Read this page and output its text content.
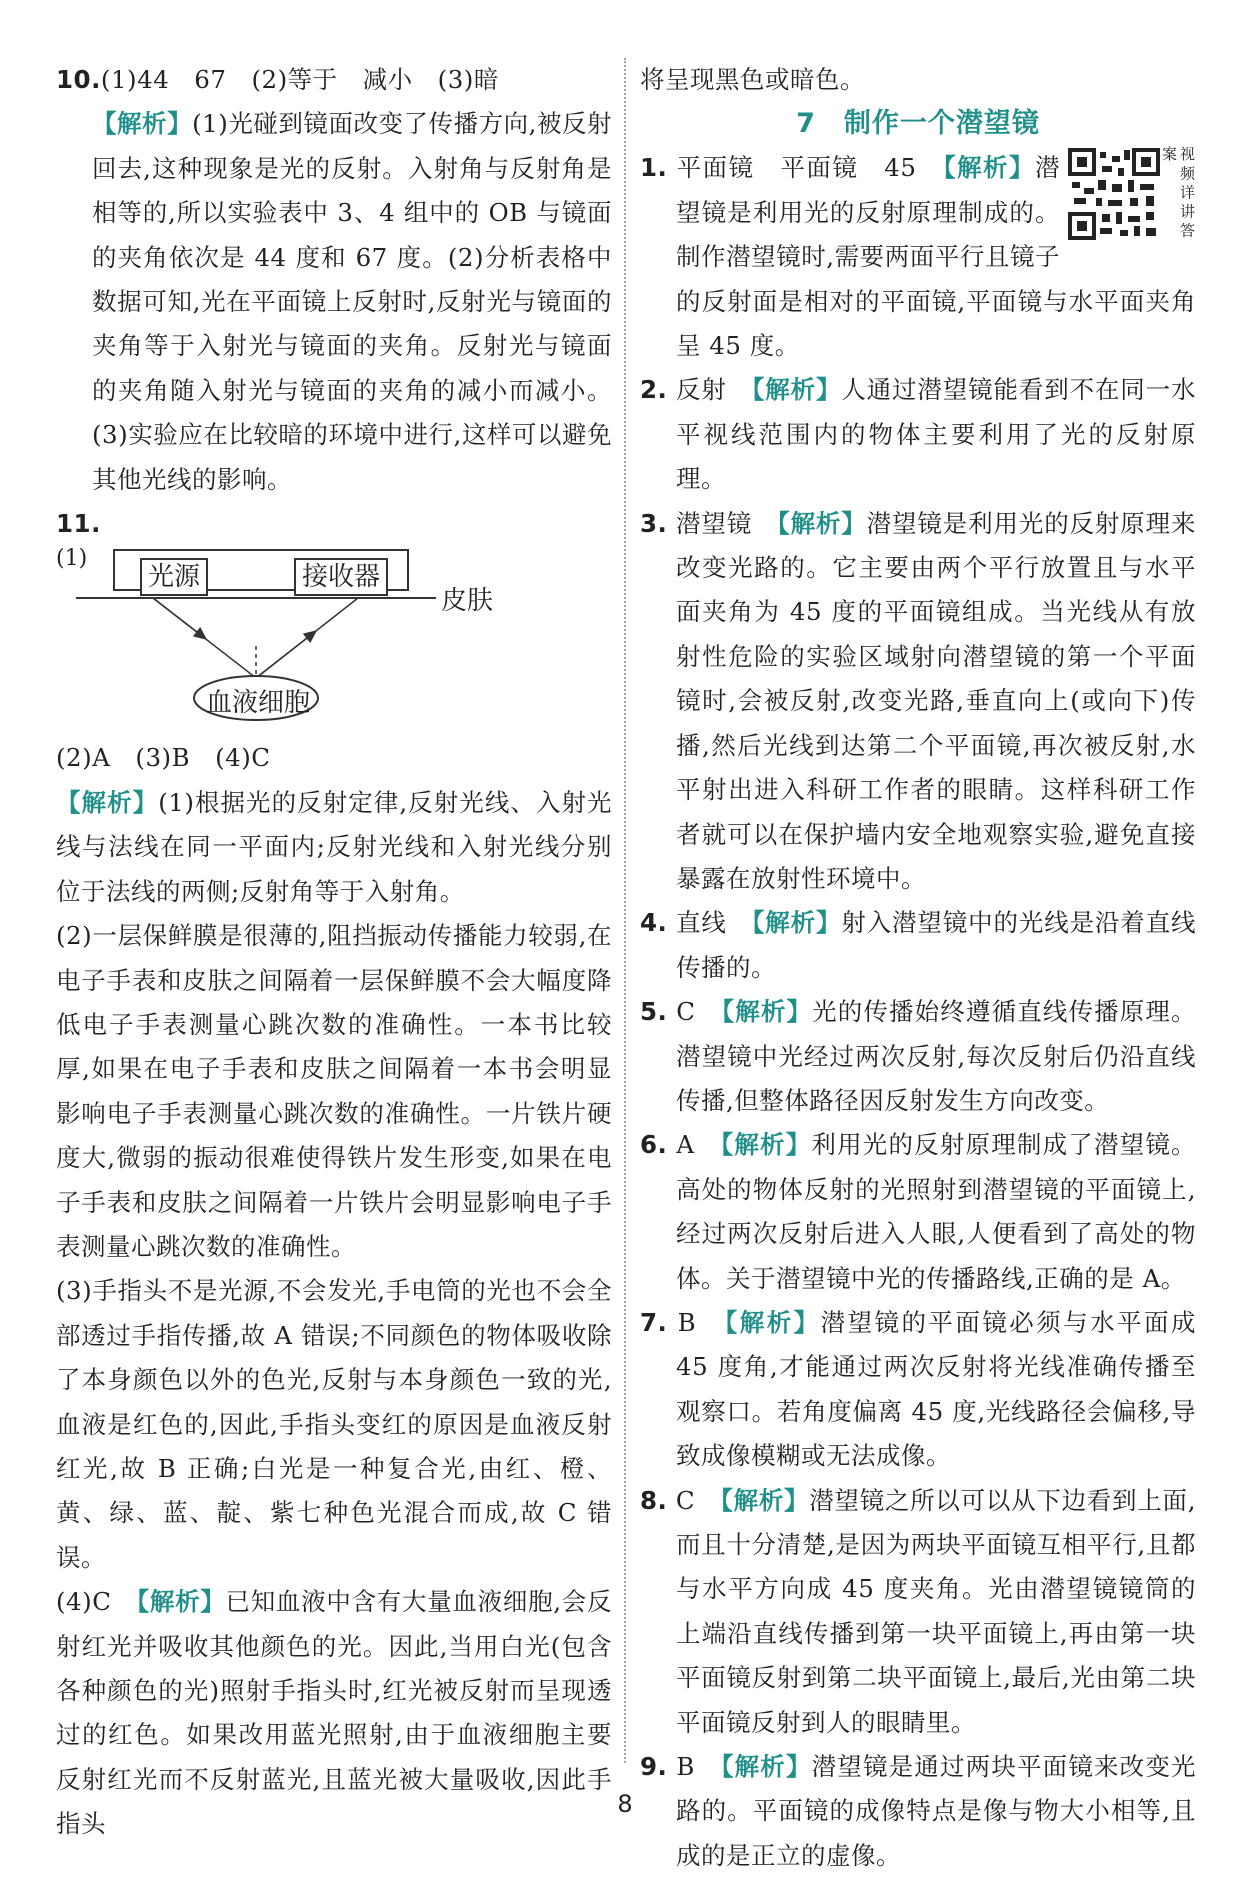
10.(1)44　67　(2)等于　减小　(3)暗

【解析】(1)光碰到镜面改变了传播方向,被反射回去,这种现象是光的反射。入射角与反射角是相等的,所以实验表中 3、4 组中的 OB 与镜面的夹角依次是 44 度和 67 度。(2)分析表格中数据可知,光在平面镜上反射时,反射光与镜面的夹角等于入射光与镜面的夹角。反射光与镜面的夹角随入射光与镜面的夹角的减小而减小。(3)实验应在比较暗的环境中进行,这样可以避免其他光线的影响。

11.

(1)
光源	接收器
皮肤
血液细胞

(2)A　(3)B　(4)C

【解析】(1)根据光的反射定律,反射光线、入射光线与法线在同一平面内;反射光线和入射光线分别位于法线的两侧;反射角等于入射角。

(2)一层保鲜膜是很薄的,阻挡振动传播能力较弱,在电子手表和皮肤之间隔着一层保鲜膜不会大幅度降低电子手表测量心跳次数的准确性。一本书比较厚,如果在电子手表和皮肤之间隔着一本书会明显影响电子手表测量心跳次数的准确性。一片铁片硬度大,微弱的振动很难使得铁片发生形变,如果在电子手表和皮肤之间隔着一片铁片会明显影响电子手表测量心跳次数的准确性。

(3)手指头不是光源,不会发光,手电筒的光也不会全部透过手指传播,故 A 错误;不同颜色的物体吸收除了本身颜色以外的色光,反射与本身颜色一致的光,血液是红色的,因此,手指头变红的原因是血液反射红光,故 B 正确;白光是一种复合光,由红、橙、黄、绿、蓝、靛、紫七种色光混合而成,故 C 错误。

(4)C　【解析】已知血液中含有大量血液细胞,会反射红光并吸收其他颜色的光。因此,当用白光(包含各种颜色的光)照射手指头时,红光被反射而呈现透过的红色。如果改用蓝光照射,由于血液细胞主要反射红光而不反射蓝光,且蓝光被大量吸收,因此手指头

将呈现黑色或暗色。

7　制作一个潜望镜

视频详讲答案
1. 平面镜　平面镜　45　【解析】潜望镜是利用光的反射原理制成的。制作潜望镜时,需要两面平行且镜子的反射面是相对的平面镜,平面镜与水平面夹角呈 45 度。

2. 反射　【解析】人通过潜望镜能看到不在同一水平视线范围内的物体主要利用了光的反射原理。

3. 潜望镜　【解析】潜望镜是利用光的反射原理来改变光路的。它主要由两个平行放置且与水平面夹角为 45 度的平面镜组成。当光线从有放射性危险的实验区域射向潜望镜的第一个平面镜时,会被反射,改变光路,垂直向上(或向下)传播,然后光线到达第二个平面镜,再次被反射,水平射出进入科研工作者的眼睛。这样科研工作者就可以在保护墙内安全地观察实验,避免直接暴露在放射性环境中。

4. 直线　【解析】射入潜望镜中的光线是沿着直线传播的。

5. C　【解析】光的传播始终遵循直线传播原理。潜望镜中光经过两次反射,每次反射后仍沿直线传播,但整体路径因反射发生方向改变。

6. A　【解析】利用光的反射原理制成了潜望镜。高处的物体反射的光照射到潜望镜的平面镜上,经过两次反射后进入人眼,人便看到了高处的物体。关于潜望镜中光的传播路线,正确的是 A。

7. B　【解析】潜望镜的平面镜必须与水平面成 45 度角,才能通过两次反射将光线准确传播至观察口。若角度偏离 45 度,光线路径会偏移,导致成像模糊或无法成像。

8. C　【解析】潜望镜之所以可以从下边看到上面,而且十分清楚,是因为两块平面镜互相平行,且都与水平方向成 45 度夹角。光由潜望镜镜筒的上端沿直线传播到第一块平面镜上,再由第一块平面镜反射到第二块平面镜上,最后,光由第二块平面镜反射到人的眼睛里。

9. B　【解析】潜望镜是通过两块平面镜来改变光路的。平面镜的成像特点是像与物大小相等,且成的是正立的虚像。

8
